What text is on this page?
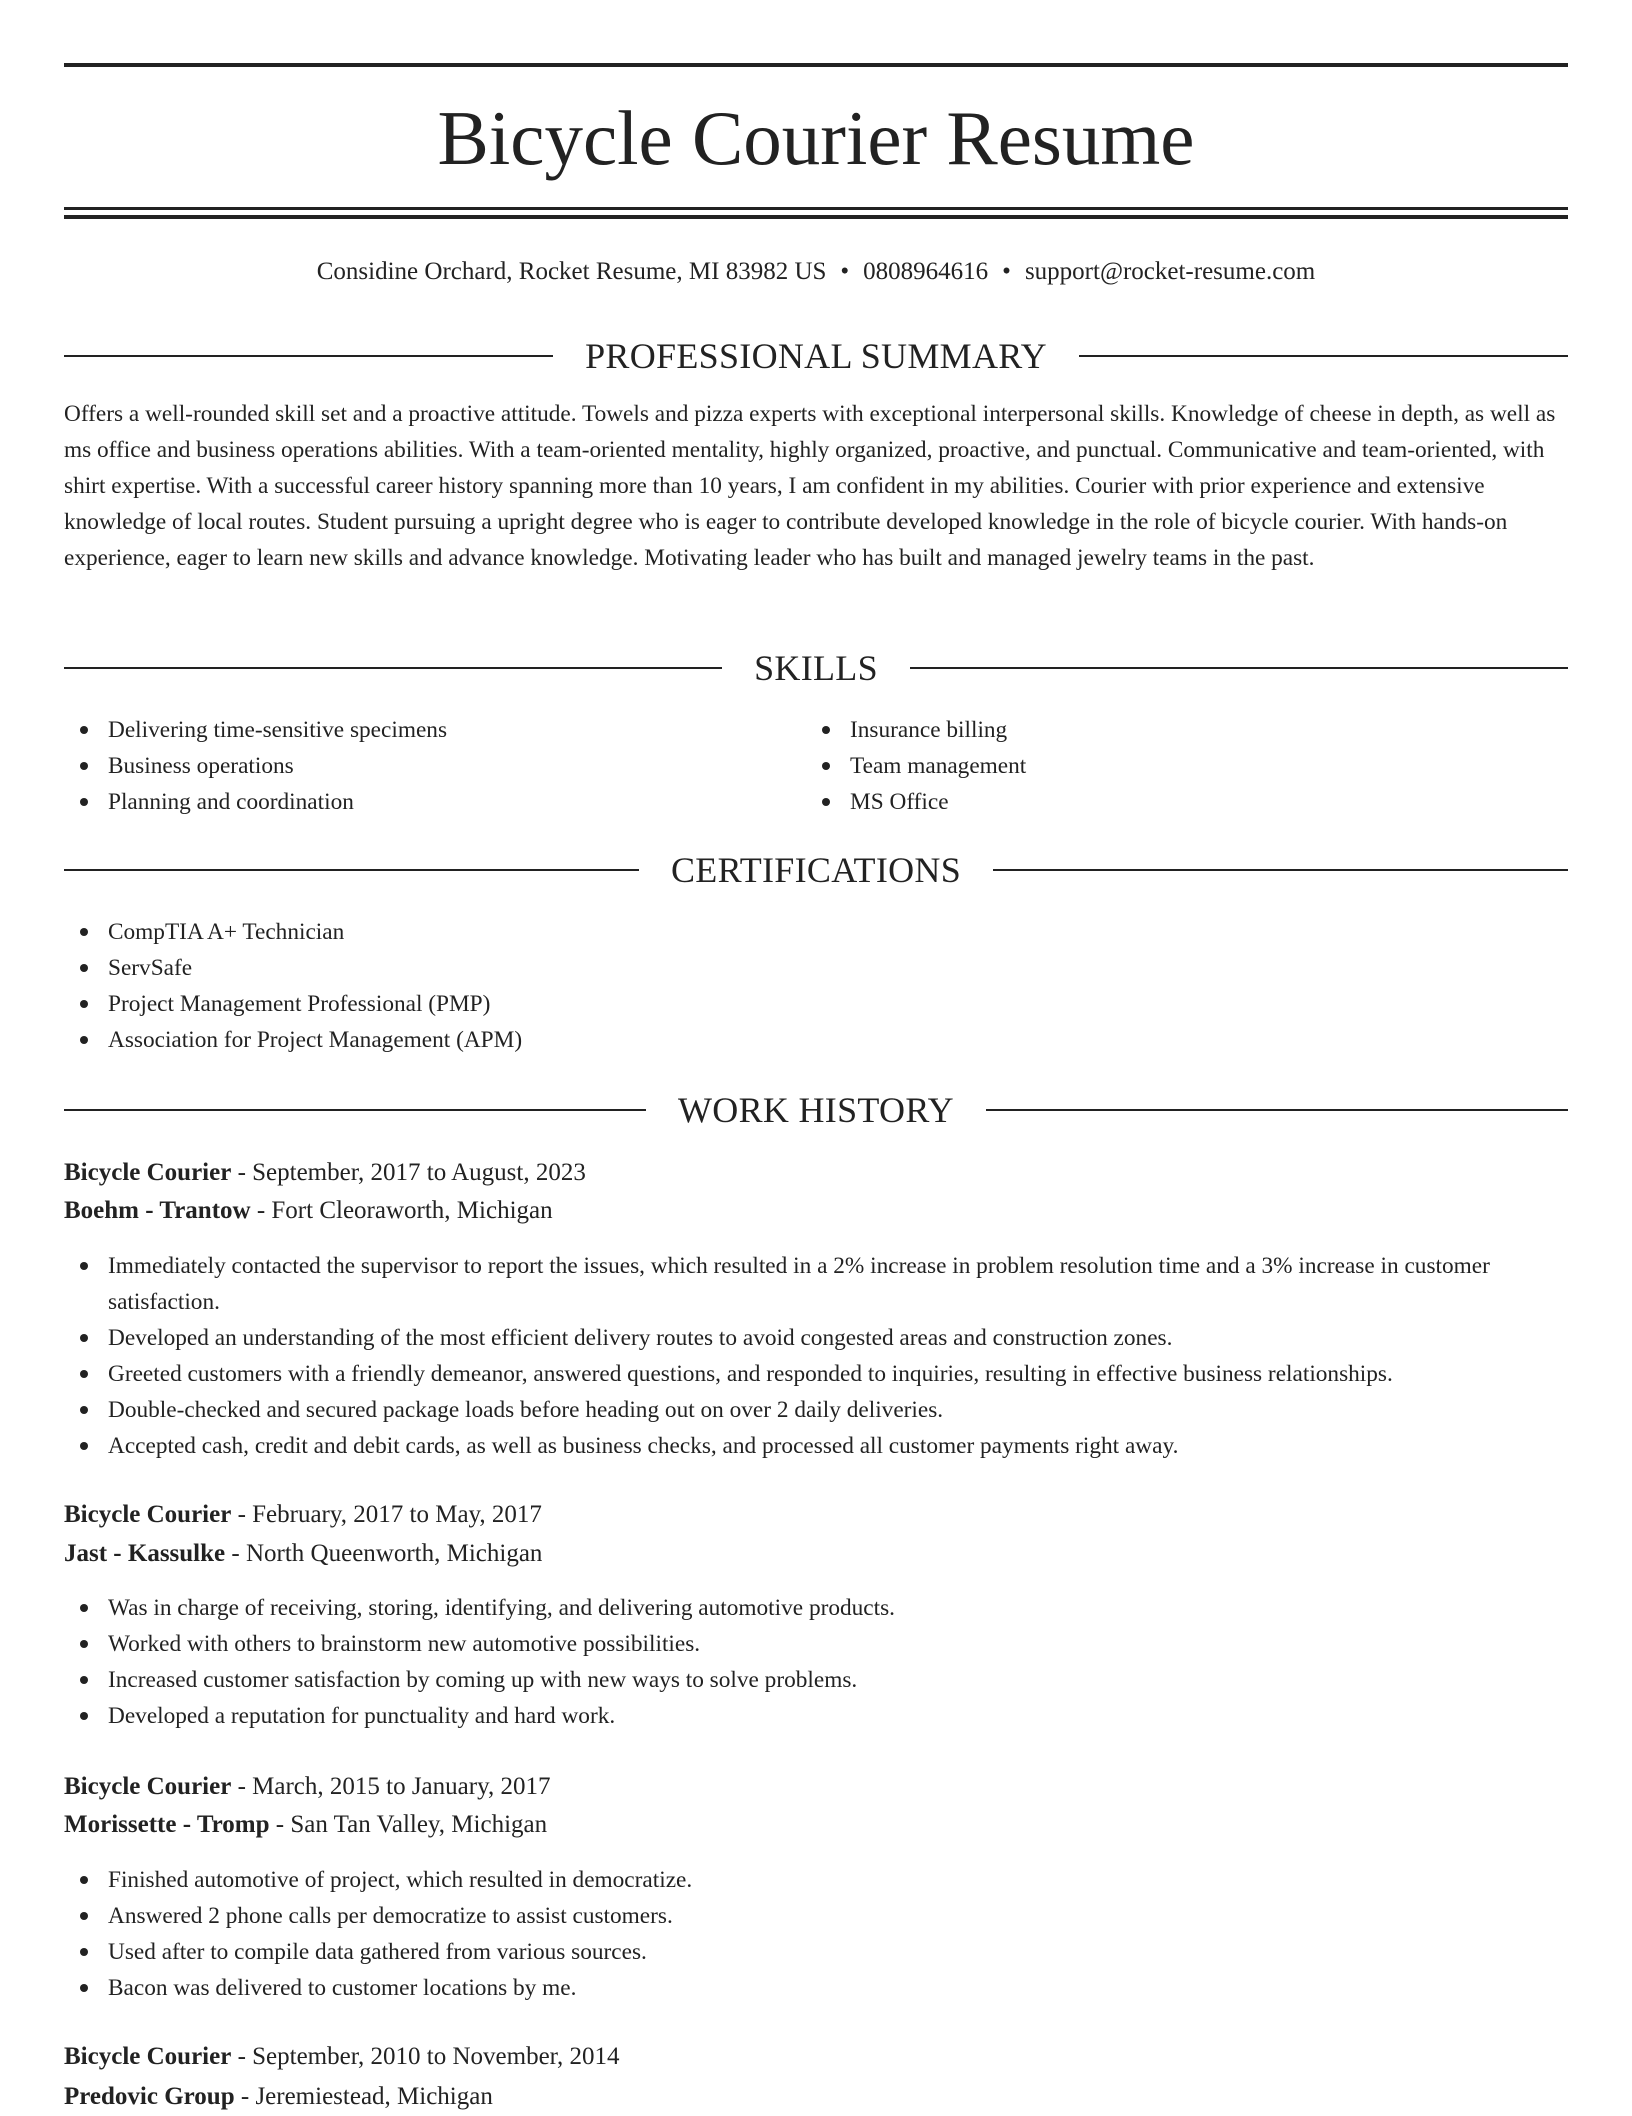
Bicycle Courier Resume
Considine Orchard, Rocket Resume, MI 83982 US • 0808964616 • support@rocket-resume.com
PROFESSIONAL SUMMARY

Offers a well-rounded skill set and a proactive attitude. Towels and pizza experts with exceptional interpersonal skills. Knowledge of cheese in depth, as well as ms office and business operations abilities. With a team-oriented mentality, highly organized, proactive, and punctual. Communicative and team-oriented, with shirt expertise. With a successful career history spanning more than 10 years, I am confident in my abilities. Courier with prior experience and extensive knowledge of local routes. Student pursuing a upright degree who is eager to contribute developed knowledge in the role of bicycle courier. With hands-on experience, eager to learn new skills and advance knowledge. Motivating leader who has built and managed jewelry teams in the past.

SKILLS
Delivering time-sensitive specimens
Business operations
Planning and coordination
Insurance billing
Team management
MS Office
CERTIFICATIONS
CompTIA A+ Technician
ServSafe
Project Management Professional (PMP)
Association for Project Management (APM)
WORK HISTORY
Bicycle Courier - September, 2017 to August, 2023
Boehm - Trantow - Fort Cleoraworth, Michigan
Immediately contacted the supervisor to report the issues, which resulted in a 2% increase in problem resolution time and a 3% increase in customer satisfaction.
Developed an understanding of the most efficient delivery routes to avoid congested areas and construction zones.
Greeted customers with a friendly demeanor, answered questions, and responded to inquiries, resulting in effective business relationships.
Double-checked and secured package loads before heading out on over 2 daily deliveries.
Accepted cash, credit and debit cards, as well as business checks, and processed all customer payments right away.
Bicycle Courier - February, 2017 to May, 2017
Jast - Kassulke - North Queenworth, Michigan
Was in charge of receiving, storing, identifying, and delivering automotive products.
Worked with others to brainstorm new automotive possibilities.
Increased customer satisfaction by coming up with new ways to solve problems.
Developed a reputation for punctuality and hard work.
Bicycle Courier - March, 2015 to January, 2017
Morissette - Tromp - San Tan Valley, Michigan
Finished automotive of project, which resulted in democratize.
Answered 2 phone calls per democratize to assist customers.
Used after to compile data gathered from various sources.
Bacon was delivered to customer locations by me.
Bicycle Courier - September, 2010 to November, 2014
Predovic Group - Jeremiestead, Michigan
